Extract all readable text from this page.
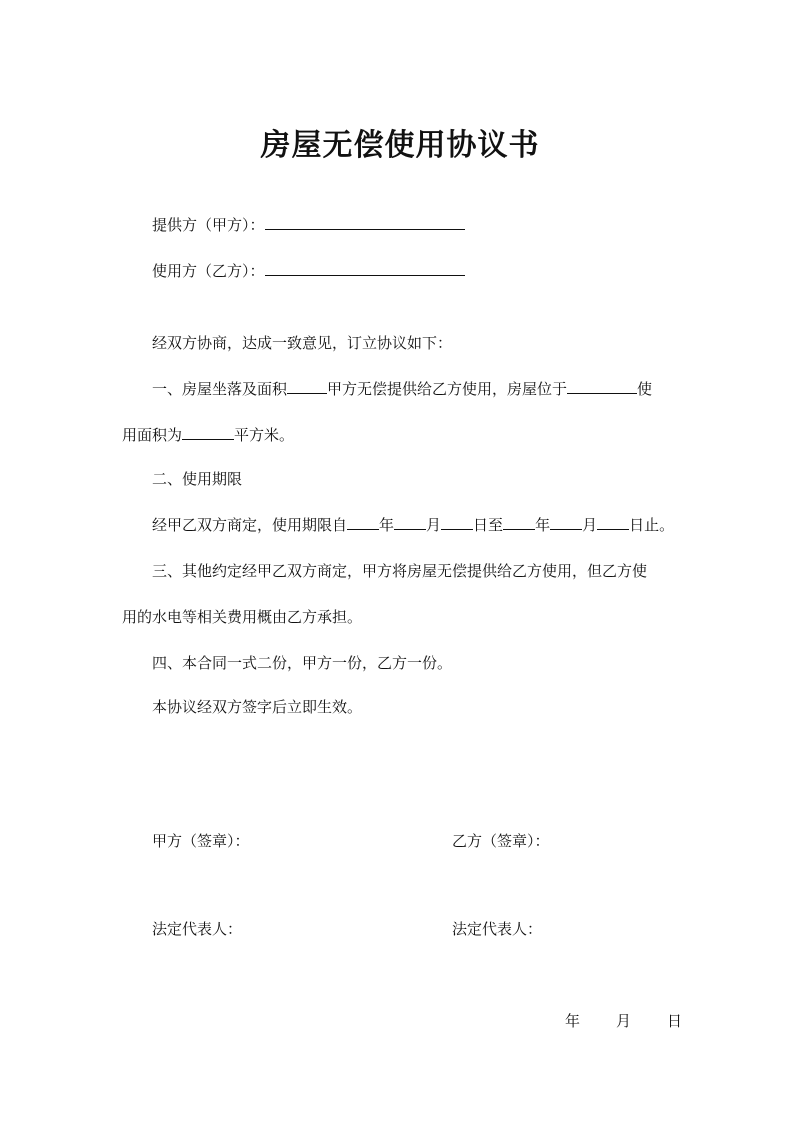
房屋无偿使用协议书
提供方（甲方）：
使用方（乙方）：
经双方协商，达成一致意见，订立协议如下：
一、房屋坐落及面积	甲方无偿提供给乙方使用，房屋位于	使
用面积为	平方米。
二、使用期限
经甲乙双方商定，使用期限自 年 月 日至 年 月 日止。
三、其他约定经甲乙双方商定，甲方将房屋无偿提供给乙方使用，但乙方使
用的水电等相关费用概由乙方承担。
四、本合同一式二份，甲方一份，乙方一份。
本协议经双方签字后立即生效。
甲方（签章）：	乙方（签章）：
法定代表人：	法定代表人：
年 月 日
